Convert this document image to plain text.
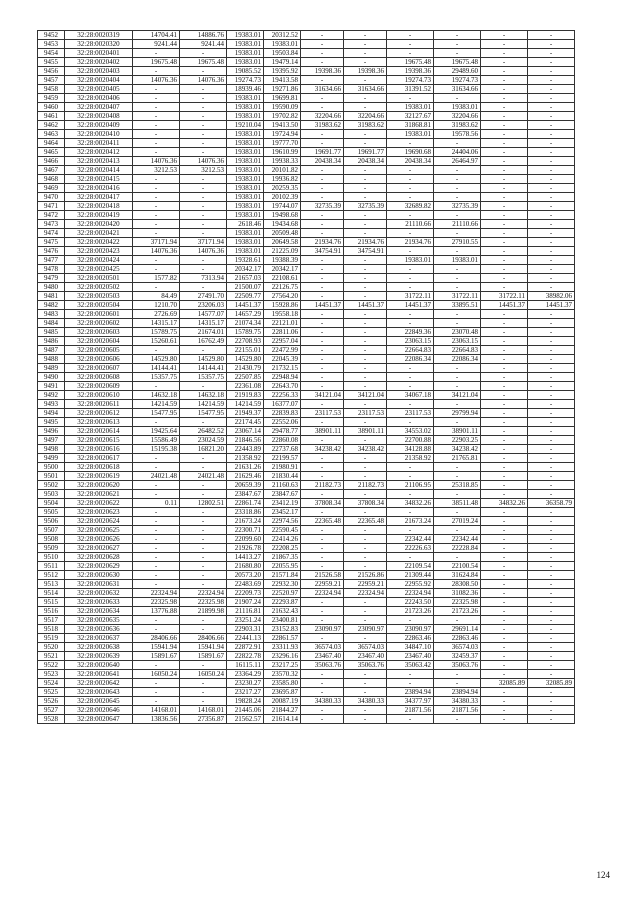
9452	32:28:0020319	14704.41	14886.76	19383.01	20312.52	-	-	-	-	-	-
9453	32:28:0020320	9241.44	9241.44	19383.01	19383.01	-	-	-	-	-	-
9454	32:28:0020401	-	-	19383.01	19503.84	-	-	-	-	-	-
9455	32:28:0020402	19675.48	19675.48	19383.01	19479.14	-	-	19675.48	19675.48	-	-
9456	32:28:0020403	-	-	19085.52	19395.92	19398.36	19398.36	19398.36	29489.60	-	-
9457	32:28:0020404	14076.36	14076.36	19274.73	19413.58	-	-	19274.73	19274.73	-	-
9458	32:28:0020405	-	-	18939.46	19271.86	31634.66	31634.66	31391.52	31634.66	-	-
9459	32:28:0020406	-	-	19383.01	19699.81	-	-	-	-	-	-
9460	32:28:0020407	-	-	19383.01	19590.09	-	-	19383.01	19383.01	-	-
9461	32:28:0020408	-	-	19383.01	19702.82	32204.66	32204.66	32127.67	32204.66	-	-
9462	32:28:0020409	-	-	19210.04	19413.50	31983.62	31983.62	31868.81	31983.62	-	-
9463	32:28:0020410	-	-	19383.01	19724.94	-	-	19383.01	19578.56	-	-
9464	32:28:0020411	-	-	19383.01	19777.70	-	-	-	-	-	-
9465	32:28:0020412	-	-	19383.01	19610.99	19691.77	19691.77	19690.68	24404.06	-	-
9466	32:28:0020413	14076.36	14076.36	19383.01	19938.33	20438.34	20438.34	20438.34	26464.97	-	-
9467	32:28:0020414	3212.53	3212.53	19383.01	20101.82	-	-	-	-	-	-
9468	32:28:0020415	-	-	19383.01	19936.82	-	-	-	-	-	-
9469	32:28:0020416	-	-	19383.01	20259.35	-	-	-	-	-	-
9470	32:28:0020417	-	-	19383.01	20102.39	-	-	-	-	-	-
9471	32:28:0020418	-	-	19383.01	19744.07	32735.39	32735.39	32689.82	32735.39	-	-
9472	32:28:0020419	-	-	19383.01	19498.68	-	-	-	-	-	-
9473	32:28:0020420	-	-	2618.46	19434.68	-	-	21110.66	21110.66	-	-
9474	32:28:0020421	-	-	19383.01	20509.48	-	-	-	-	-	-
9475	32:28:0020422	37171.94	37171.94	19383.01	20649.58	21934.76	21934.76	21934.76	27910.55	-	-
9476	32:28:0020423	14076.36	14076.36	19383.01	21225.09	34754.91	34754.91	-	-	-	-
9477	32:28:0020424	-	-	19328.61	19388.39	-	-	19383.01	19383.01	-	-
9478	32:28:0020425	-	-	20342.17	20342.17	-	-	-	-	-	-
9479	32:28:0020501	1577.82	7313.94	21657.03	22108.61	-	-	-	-	-	-
9480	32:28:0020502	-	-	21500.07	22126.75	-	-	-	-	-	-
9481	32:28:0020503	84.49	27491.70	22509.77	27564.20	-	-	31722.11	31722.11	31722.11	38982.06
9482	32:28:0020504	1210.70	23206.03	14451.37	15928.86	14451.37	14451.37	14451.37	33895.51	14451.37	14451.37
9483	32:28:0020601	2726.69	14577.07	14657.29	19558.18	-	-	-	-	-	-
9484	32:28:0020602	14315.17	14315.17	21074.34	22121.01	-	-	-	-	-	-
9485	32:28:0020603	15789.75	21674.01	15789.75	22811.06	-	-	22849.36	23070.48	-	-
9486	32:28:0020604	15260.61	16762.49	22708.93	22957.04	-	-	23063.15	23063.15	-	-
9487	32:28:0020605	-	-	22155.01	22472.99	-	-	22664.83	22664.83	-	-
9488	32:28:0020606	14529.80	14529.80	14529.80	22045.39	-	-	22086.34	22086.34	-	-
9489	32:28:0020607	14144.41	14144.41	21430.79	21732.15	-	-	-	-	-	-
9490	32:28:0020608	15357.75	15357.75	22507.85	22948.94	-	-	-	-	-	-
9491	32:28:0020609	-	-	22361.08	22643.70	-	-	-	-	-	-
9492	32:28:0020610	14632.18	14632.18	21919.83	22256.33	34121.04	34121.04	34067.18	34121.04	-	-
9493	32:28:0020611	14214.59	14214.59	14214.59	16377.07	-	-	-	-	-	-
9494	32:28:0020612	15477.95	15477.95	21949.37	22839.83	23117.53	23117.53	23117.53	29799.94	-	-
9495	32:28:0020613	-	-	22174.45	22552.06	-	-	-	-	-	-
9496	32:28:0020614	19425.64	26482.52	23067.14	29478.77	38901.11	38901.11	34553.02	38901.11	-	-
9497	32:28:0020615	15586.49	23024.59	21846.56	22860.08	-	-	22700.88	22903.25	-	-
9498	32:28:0020616	15195.38	16821.20	22443.89	22737.68	34238.42	34238.42	34128.88	34238.42	-	-
9499	32:28:0020617	-	-	21358.92	22199.57	-	-	21358.92	21765.81	-	-
9500	32:28:0020618	-	-	21631.26	21980.91	-	-	-	-	-	-
9501	32:28:0020619	24021.48	24021.48	21629.46	21830.44	-	-	-	-	-	-
9502	32:28:0020620	-	-	20659.39	21160.63	21182.73	21182.73	21106.95	25318.85	-	-
9503	32:28:0020621	-	-	23847.67	23847.67	-	-	-	-	-	-
9504	32:28:0020622	0.11	12802.51	22861.74	23412.19	37808.34	37808.34	34832.26	38511.48	34832.26	36358.79
9505	32:28:0020623	-	-	23318.86	23452.17	-	-	-	-	-	-
9506	32:28:0020624	-	-	21673.24	22974.56	22365.48	22365.48	21673.24	27019.24	-	-
9507	32:28:0020625	-	-	22300.71	22590.45	-	-	-	-	-	-
9508	32:28:0020626	-	-	22099.60	22414.26	-	-	22342.44	22342.44	-	-
9509	32:28:0020627	-	-	21926.78	22208.25	-	-	22226.63	22228.84	-	-
9510	32:28:0020628	-	-	14413.27	21867.35	-	-	-	-	-	-
9511	32:28:0020629	-	-	21680.80	22055.95	-	-	22109.54	22100.54	-	-
9512	32:28:0020630	-	-	20573.20	21571.84	21526.58	21526.86	21309.44	31624.84	-	-
9513	32:28:0020631	-	-	22483.69	22932.30	22959.21	22959.21	22955.92	28308.50	-	-
9514	32:28:0020632	22324.94	22324.94	22209.73	22520.97	22324.94	22324.94	22324.94	31082.36	-	-
9515	32:28:0020633	22325.98	22325.98	21907.24	22293.87	-	-	22243.50	22325.98	-	-
9516	32:28:0020634	13776.88	21899.98	21116.81	21632.43	-	-	21723.26	21723.26	-	-
9517	32:28:0020635	-	-	23251.24	23400.81	-	-	-	-	-	-
9518	32:28:0020636	-	-	22903.31	23152.83	23090.97	23090.97	23090.97	29691.14	-	-
9519	32:28:0020637	28406.66	28406.66	22441.13	22861.57	-	-	22863.46	22863.46	-	-
9520	32:28:0020638	15941.94	15941.94	22872.91	23311.93	36574.03	36574.03	34847.10	36574.03	-	-
9521	32:28:0020639	15891.67	15891.67	22822.78	23296.16	23467.40	23467.40	23467.40	32459.37	-	-
9522	32:28:0020640	-	-	16115.11	23217.25	35063.76	35063.76	35063.42	35063.76	-	-
9523	32:28:0020641	16050.24	16050.24	23364.29	23570.32	-	-	-	-	-	-
9524	32:28:0020642	-	-	23230.27	23585.80	-	-	-	-	32085.89	32085.89
9525	32:28:0020643	-	-	23217.27	23695.87	-	-	23894.94	23894.94	-	-
9526	32:28:0020645	-	-	19828.24	20087.19	34380.33	34380.33	34377.97	34380.33	-	-
9527	32:28:0020646	14168.01	14168.01	21445.06	21844.27	-	-	21871.56	21871.56	-	-
9528	32:28:0020647	13836.56	27356.87	21562.57	21614.14	-	-	-	-	-	-
124
